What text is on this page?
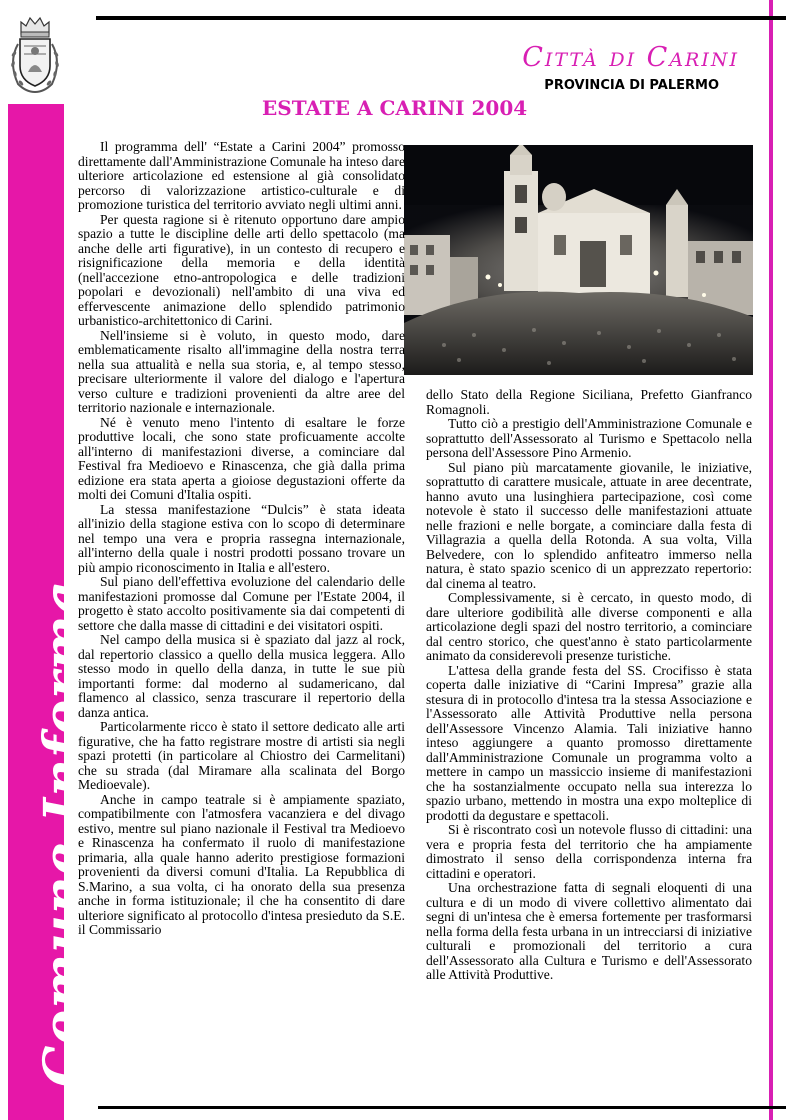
Comune Informa
Città di Carini
PROVINCIA DI PALERMO
ESTATE A CARINI 2004

Il programma dell' “Estate a Carini 2004” promosso direttamente dall'Amministrazione Comunale ha inteso dare ulteriore articolazione ed estensione al già consolidato percorso di valorizzazione artistico-culturale e di promozione turistica del territorio avviato negli ultimi anni.

Per questa ragione si è ritenuto opportuno dare ampio spazio a tutte le discipline delle arti dello spettacolo (ma anche delle arti figurative), in un contesto di recupero e risignificazione della memoria e della identità (nell'accezione etno-antropologica e delle tradizioni popolari e devozionali) nell'ambito di una viva ed effervescente animazione dello splendido patrimonio urbanistico-architettonico di Carini.

Nell'insieme si è voluto, in questo modo, dare emblematicamente risalto all'immagine della nostra terra nella sua attualità e nella sua storia, e, al tempo stesso, precisare ulteriormente il valore del dialogo e l'apertura verso culture e tradizioni provenienti da altre aree del territorio nazionale e internazionale.

Né è venuto meno l'intento di esaltare le forze produttive locali, che sono state proficuamente accolte all'interno di manifestazioni diverse, a cominciare dal Festival fra Medioevo e Rinascenza, che già dalla prima edizione era stata aperta a gioiose degustazioni offerte da molti dei Comuni d'Italia ospiti.

La stessa manifestazione “Dulcis” è stata ideata all'inizio della stagione estiva con lo scopo di determinare nel tempo una vera e propria rassegna internazionale, all'interno della quale i nostri prodotti possano trovare un più ampio riconoscimento in Italia e all'estero.

Sul piano dell'effettiva evoluzione del calendario delle manifestazioni promosse dal Comune per l'Estate 2004, il progetto è stato accolto positivamente sia dai competenti di settore che dalla masse di cittadini e dei visitatori ospiti.

Nel campo della musica si è spaziato dal jazz al rock, dal repertorio classico a quello della musica leggera. Allo stesso modo in quello della danza, in tutte le sue più importanti forme: dal moderno al sudamericano, dal flamenco al classico, senza trascurare il repertorio della danza antica.

Particolarmente ricco è stato il settore dedicato alle arti figurative, che ha fatto registrare mostre di artisti sia negli spazi protetti (in particolare al Chiostro dei Carmelitani) che su strada (dal Miramare alla scalinata del Borgo Medioevale).

Anche in campo teatrale si è ampiamente spaziato, compatibilmente con l'atmosfera vacanziera e del divago estivo, mentre sul piano nazionale il Festival tra Medioevo e Rinascenza ha confermato il ruolo di manifestazione primaria, alla quale hanno aderito prestigiose formazioni provenienti da diversi comuni d'Italia. La Repubblica di S.Marino, a sua volta, ci ha onorato della sua presenza anche in forma istituzionale; il che ha consentito di dare ulteriore significato al protocollo d'intesa presieduto da S.E. il Commissario

dello Stato della Regione Siciliana, Prefetto Gianfranco Romagnoli.

Tutto ciò a prestigio dell'Amministrazione Comunale e soprattutto dell'Assessorato al Turismo e Spettacolo nella persona dell'Assessore Pino Armenio.

Sul piano più marcatamente giovanile, le iniziative, soprattutto di carattere musicale, attuate in aree decentrate, hanno avuto una lusinghiera partecipazione, così come notevole è stato il successo delle manifestazioni attuate nelle frazioni e nelle borgate, a cominciare dalla festa di Villagrazia a quella della Rotonda. A sua volta, Villa Belvedere, con lo splendido anfiteatro immerso nella natura, è stato spazio scenico di un apprezzato repertorio: dal cinema al teatro.

Complessivamente, si è cercato, in questo modo, di dare ulteriore godibilità alle diverse componenti e alla articolazione degli spazi del nostro territorio, a cominciare dal centro storico, che quest'anno è stato particolarmente animato da considerevoli presenze turistiche.

L'attesa della grande festa del SS. Crocifisso è stata coperta dalle iniziative di “Carini Impresa” grazie alla stesura di in protocollo d'intesa tra la stessa Associazione e l'Assessorato alle Attività Produttive nella persona dell'Assessore Vincenzo Alamia. Tali iniziative hanno inteso aggiungere a quanto promosso direttamente dall'Amministrazione Comunale un programma volto a mettere in campo un massiccio insieme di manifestazioni che ha sostanzialmente occupato nella sua interezza lo spazio urbano, mettendo in mostra una expo molteplice di prodotti da degustare e spettacoli.

Si è riscontrato così un notevole flusso di cittadini: una vera e propria festa del territorio che ha ampiamente dimostrato il senso della corrispondenza interna fra cittadini e operatori.

Una orchestrazione fatta di segnali eloquenti di una cultura e di un modo di vivere collettivo alimentato dai segni di un'intesa che è emersa fortemente per trasformarsi nella forma della festa urbana in un intrecciarsi di iniziative culturali e promozionali del territorio a cura dell'Assessorato alla Cultura e Turismo e dell'Assessorato alle Attività Produttive.
